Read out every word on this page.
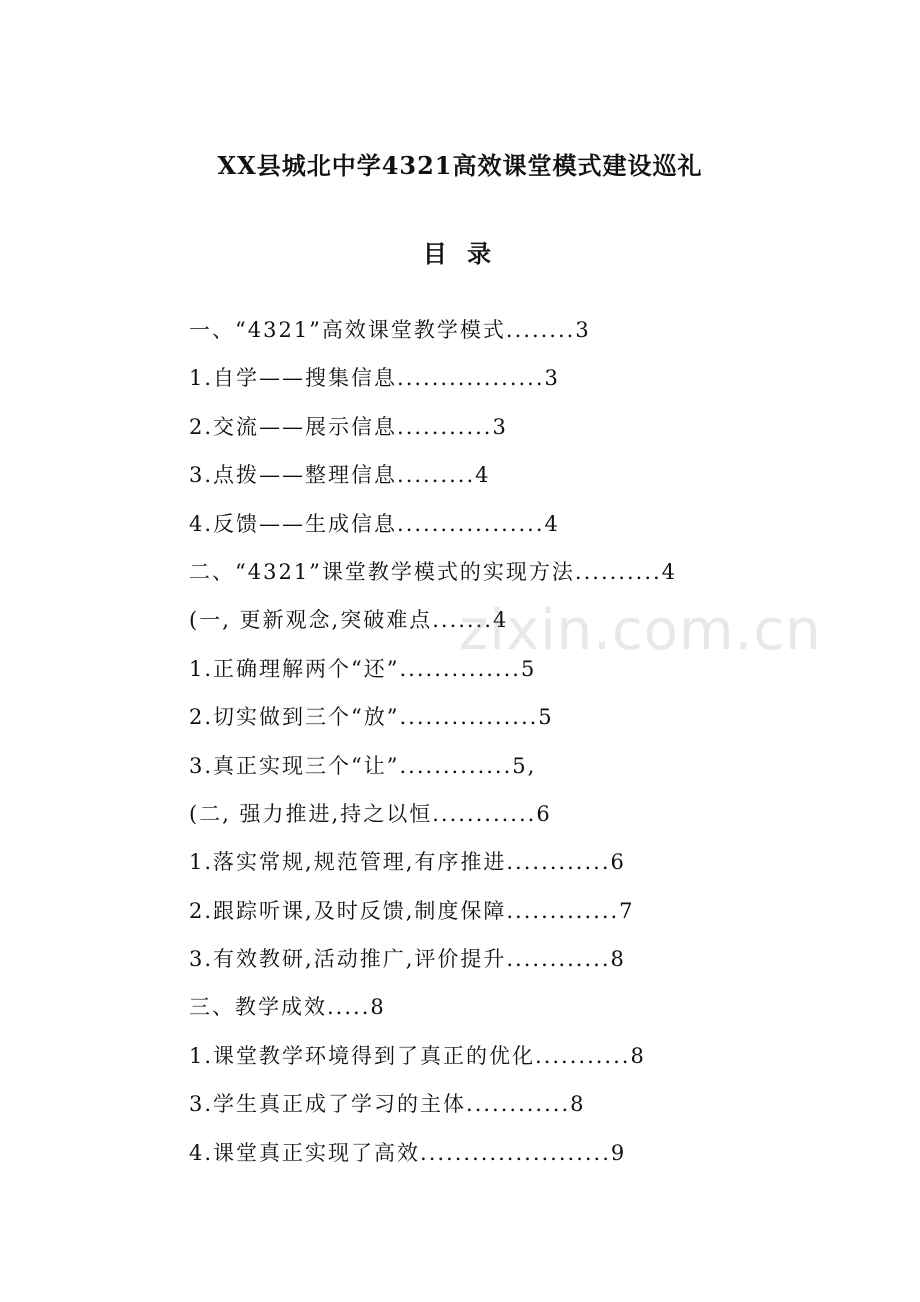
XX县城北中学4321高效课堂模式建设巡礼
目 录
一、“4321”高效课堂教学模式........3
1.自学——搜集信息.................3
2.交流——展示信息...........3
3.点拨——整理信息.........4
4.反馈——生成信息.................4
二、“4321”课堂教学模式的实现方法..........4
(一, 更新观念,突破难点.......4
1.正确理解两个“还”..............5
2.切实做到三个“放”................5
3.真正实现三个“让”.............5,
(二, 强力推进,持之以恒............6
1.落实常规,规范管理,有序推进............6
2.跟踪听课,及时反馈,制度保障.............7
3.有效教研,活动推广,评价提升............8
三、教学成效.....8
1.课堂教学环境得到了真正的优化...........8
3.学生真正成了学习的主体............8
4.课堂真正实现了高效......................9
zixin.com.cn
